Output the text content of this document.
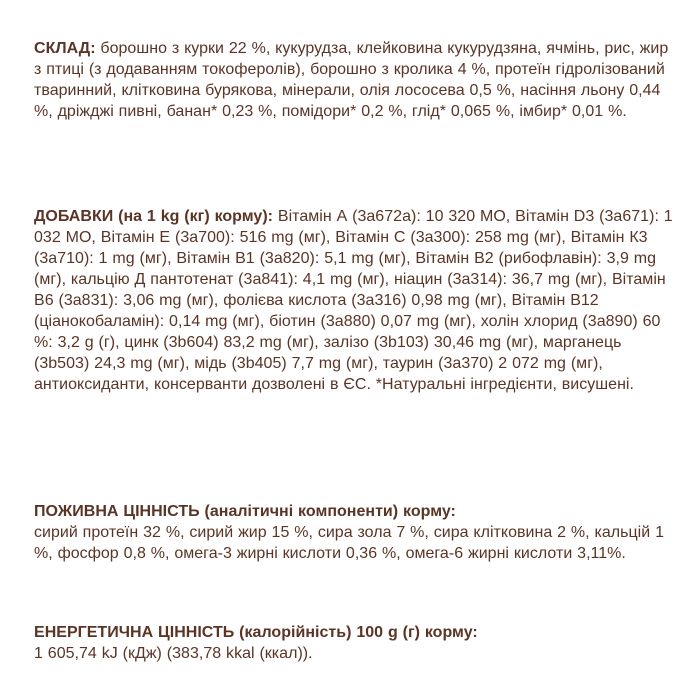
СКЛАД: борошно з курки 22 %, кукурудза, клейковина кукурудзяна, ячмінь, рис, жир з птиці (з додаванням токоферолів), борошно з кролика 4 %, протеїн гідролізований тваринний, клітковина бурякова, мінерали, олія лососева 0,5 %, насіння льону 0,44 %, дріжджі пивні, банан* 0,23 %, помідори* 0,2 %, глід* 0,065 %, імбир* 0,01 %.

ДОБАВКИ (на 1 kg (кг) корму): Вітамін А (3a672a): 10 320 МО, Вітамін D3 (3a671): 1 032 МО, Вітамін Е (3a700): 516 mg (мг), Вітамін С (3a300): 258 mg (мг), Вітамін К3 (3a710): 1 mg (мг), Вітамін В1 (3a820): 5,1 mg (мг), Вітамін В2 (рибофлавін): 3,9 mg (мг), кальцію Д пантотенат (3a841): 4,1 mg (мг), ніацин (3a314): 36,7 mg (мг), Вітамін В6 (3a831): 3,06 mg (мг), фолієва кислота (3a316) 0,98 mg (мг), Вітамін В12 (ціанокобаламін): 0,14 mg (мг), біотин (3a880) 0,07 mg (мг), холін хлорид (3a890) 60 %: 3,2 g (г), цинк (3b604) 83,2 mg (мг), залізо (3b103) 30,46 mg (мг), марганець (3b503) 24,3 mg (мг), мідь (3b405) 7,7 mg (мг), таурин (3a370) 2 072 mg (мг), антиоксиданти, консерванти дозволені в ЄС. *Натуральні інгредієнти, висушені.

ПОЖИВНА ЦІННІСТЬ (аналітичні компоненти) корму:
сирий протеїн 32 %, сирий жир 15 %, сира зола 7 %, сира клітковина 2 %, кальцій 1 %, фосфор 0,8 %, омега-3 жирні кислоти 0,36 %, омега-6 жирні кислоти 3,11%.

ЕНЕРГЕТИЧНА ЦІННІСТЬ (калорійність) 100 g (г) корму:
1 605,74 kJ (кДж) (383,78 kkal (ккал)).
